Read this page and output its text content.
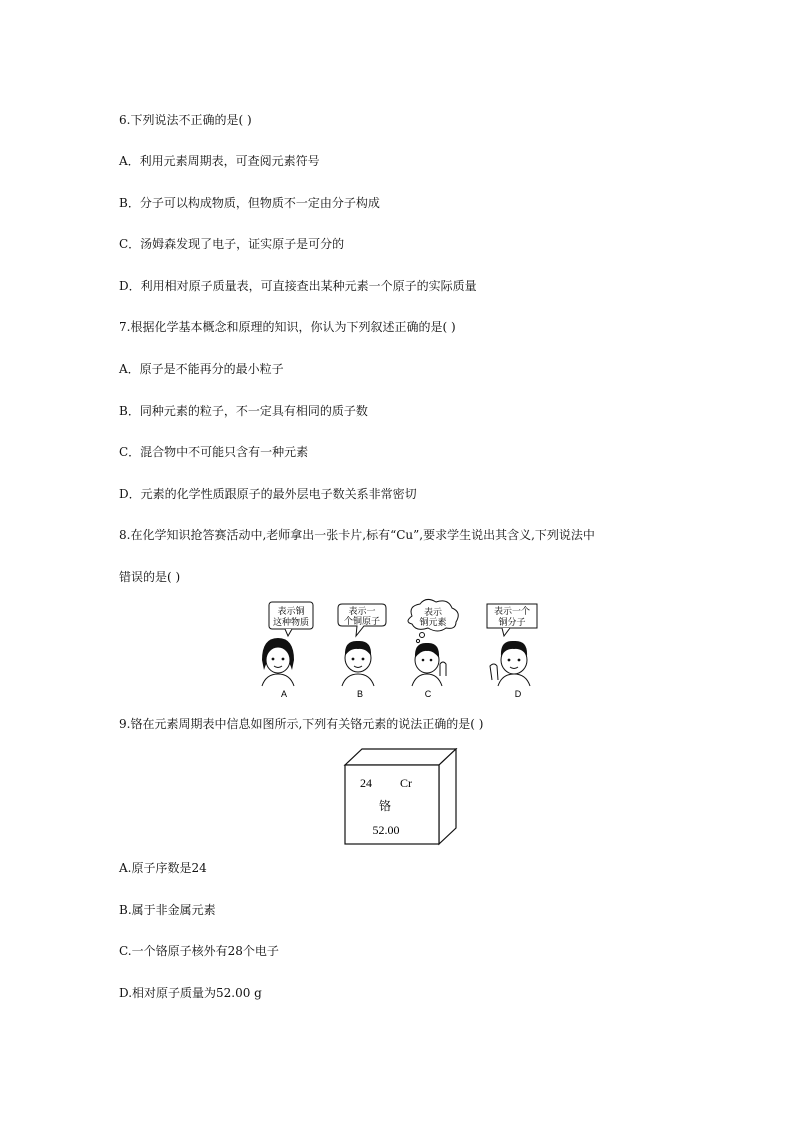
6.下列说法不正确的是( )
A．利用元素周期表，可查阅元素符号
B．分子可以构成物质，但物质不一定由分子构成
C．汤姆森发现了电子，证实原子是可分的
D．利用相对原子质量表，可直接查出某种元素一个原子的实际质量
7.根据化学基本概念和原理的知识，你认为下列叙述正确的是( )
A．原子是不能再分的最小粒子
B．同种元素的粒子，不一定具有相同的质子数
C．混合物中不可能只含有一种元素
D．元素的化学性质跟原子的最外层电子数关系非常密切
8.在化学知识抢答赛活动中,老师拿出一张卡片,标有“Cu”,要求学生说出其含义,下列说法中
错误的是( )
表示铜
这种物质
A
表示一
个铜原子
B
表示
铜元素
C
表示一个
铜分子
D
9.铬在元素周期表中信息如图所示,下列有关铬元素的说法正确的是( )
24 Cr
铬
52.00
A.原子序数是24
B.属于非金属元素
C.一个铬原子核外有28个电子
D.相对原子质量为52.00 g
